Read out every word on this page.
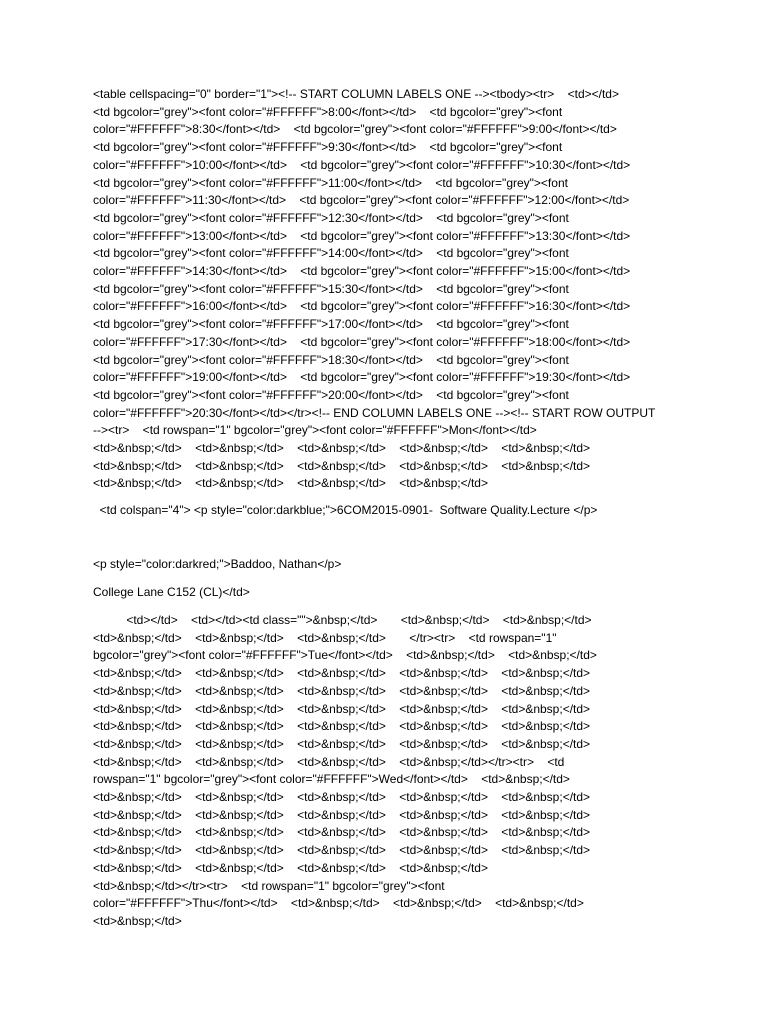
<table cellspacing="0" border="1"><!-- START COLUMN LABELS ONE --><tbody><tr>    <td></td>
<td bgcolor="grey"><font color="#FFFFFF">8:00</font></td>    <td bgcolor="grey"><font
color="#FFFFFF">8:30</font></td>    <td bgcolor="grey"><font color="#FFFFFF">9:00</font></td>
<td bgcolor="grey"><font color="#FFFFFF">9:30</font></td>    <td bgcolor="grey"><font
color="#FFFFFF">10:00</font></td>    <td bgcolor="grey"><font color="#FFFFFF">10:30</font></td>
<td bgcolor="grey"><font color="#FFFFFF">11:00</font></td>    <td bgcolor="grey"><font
color="#FFFFFF">11:30</font></td>    <td bgcolor="grey"><font color="#FFFFFF">12:00</font></td>
<td bgcolor="grey"><font color="#FFFFFF">12:30</font></td>    <td bgcolor="grey"><font
color="#FFFFFF">13:00</font></td>    <td bgcolor="grey"><font color="#FFFFFF">13:30</font></td>
<td bgcolor="grey"><font color="#FFFFFF">14:00</font></td>    <td bgcolor="grey"><font
color="#FFFFFF">14:30</font></td>    <td bgcolor="grey"><font color="#FFFFFF">15:00</font></td>
<td bgcolor="grey"><font color="#FFFFFF">15:30</font></td>    <td bgcolor="grey"><font
color="#FFFFFF">16:00</font></td>    <td bgcolor="grey"><font color="#FFFFFF">16:30</font></td>
<td bgcolor="grey"><font color="#FFFFFF">17:00</font></td>    <td bgcolor="grey"><font
color="#FFFFFF">17:30</font></td>    <td bgcolor="grey"><font color="#FFFFFF">18:00</font></td>
<td bgcolor="grey"><font color="#FFFFFF">18:30</font></td>    <td bgcolor="grey"><font
color="#FFFFFF">19:00</font></td>    <td bgcolor="grey"><font color="#FFFFFF">19:30</font></td>
<td bgcolor="grey"><font color="#FFFFFF">20:00</font></td>    <td bgcolor="grey"><font
color="#FFFFFF">20:30</font></td></tr><!-- END COLUMN LABELS ONE --><!-- START ROW OUTPUT
--><tr>    <td rowspan="1" bgcolor="grey"><font color="#FFFFFF">Mon</font></td>
<td>&nbsp;</td>    <td>&nbsp;</td>    <td>&nbsp;</td>    <td>&nbsp;</td>    <td>&nbsp;</td>
<td>&nbsp;</td>    <td>&nbsp;</td>    <td>&nbsp;</td>    <td>&nbsp;</td>    <td>&nbsp;</td>
<td>&nbsp;</td>    <td>&nbsp;</td>    <td>&nbsp;</td>    <td>&nbsp;</td>
<td colspan="4"> <p style="color:darkblue;">6COM2015-0901-  Software Quality.Lecture </p>
<p style="color:darkred;">Baddoo, Nathan</p>
College Lane C152 (CL)</td>
<td></td>    <td></td><td class="">&nbsp;</td>       <td>&nbsp;</td>    <td>&nbsp;</td>
<td>&nbsp;</td>    <td>&nbsp;</td>    <td>&nbsp;</td>       </tr><tr>    <td rowspan="1"
bgcolor="grey"><font color="#FFFFFF">Tue</font></td>    <td>&nbsp;</td>    <td>&nbsp;</td>
<td>&nbsp;</td>    <td>&nbsp;</td>    <td>&nbsp;</td>    <td>&nbsp;</td>    <td>&nbsp;</td>
<td>&nbsp;</td>    <td>&nbsp;</td>    <td>&nbsp;</td>    <td>&nbsp;</td>    <td>&nbsp;</td>
<td>&nbsp;</td>    <td>&nbsp;</td>    <td>&nbsp;</td>    <td>&nbsp;</td>    <td>&nbsp;</td>
<td>&nbsp;</td>    <td>&nbsp;</td>    <td>&nbsp;</td>    <td>&nbsp;</td>    <td>&nbsp;</td>
<td>&nbsp;</td>    <td>&nbsp;</td>    <td>&nbsp;</td>    <td>&nbsp;</td>    <td>&nbsp;</td>
<td>&nbsp;</td>    <td>&nbsp;</td>    <td>&nbsp;</td>    <td>&nbsp;</td></tr><tr>    <td
rowspan="1" bgcolor="grey"><font color="#FFFFFF">Wed</font></td>    <td>&nbsp;</td>
<td>&nbsp;</td>    <td>&nbsp;</td>    <td>&nbsp;</td>    <td>&nbsp;</td>    <td>&nbsp;</td>
<td>&nbsp;</td>    <td>&nbsp;</td>    <td>&nbsp;</td>    <td>&nbsp;</td>    <td>&nbsp;</td>
<td>&nbsp;</td>    <td>&nbsp;</td>    <td>&nbsp;</td>    <td>&nbsp;</td>    <td>&nbsp;</td>
<td>&nbsp;</td>    <td>&nbsp;</td>    <td>&nbsp;</td>    <td>&nbsp;</td>    <td>&nbsp;</td>
<td>&nbsp;</td>    <td>&nbsp;</td>    <td>&nbsp;</td>    <td>&nbsp;</td>
<td>&nbsp;</td></tr><tr>    <td rowspan="1" bgcolor="grey"><font
color="#FFFFFF">Thu</font></td>    <td>&nbsp;</td>    <td>&nbsp;</td>    <td>&nbsp;</td>
<td>&nbsp;</td>
